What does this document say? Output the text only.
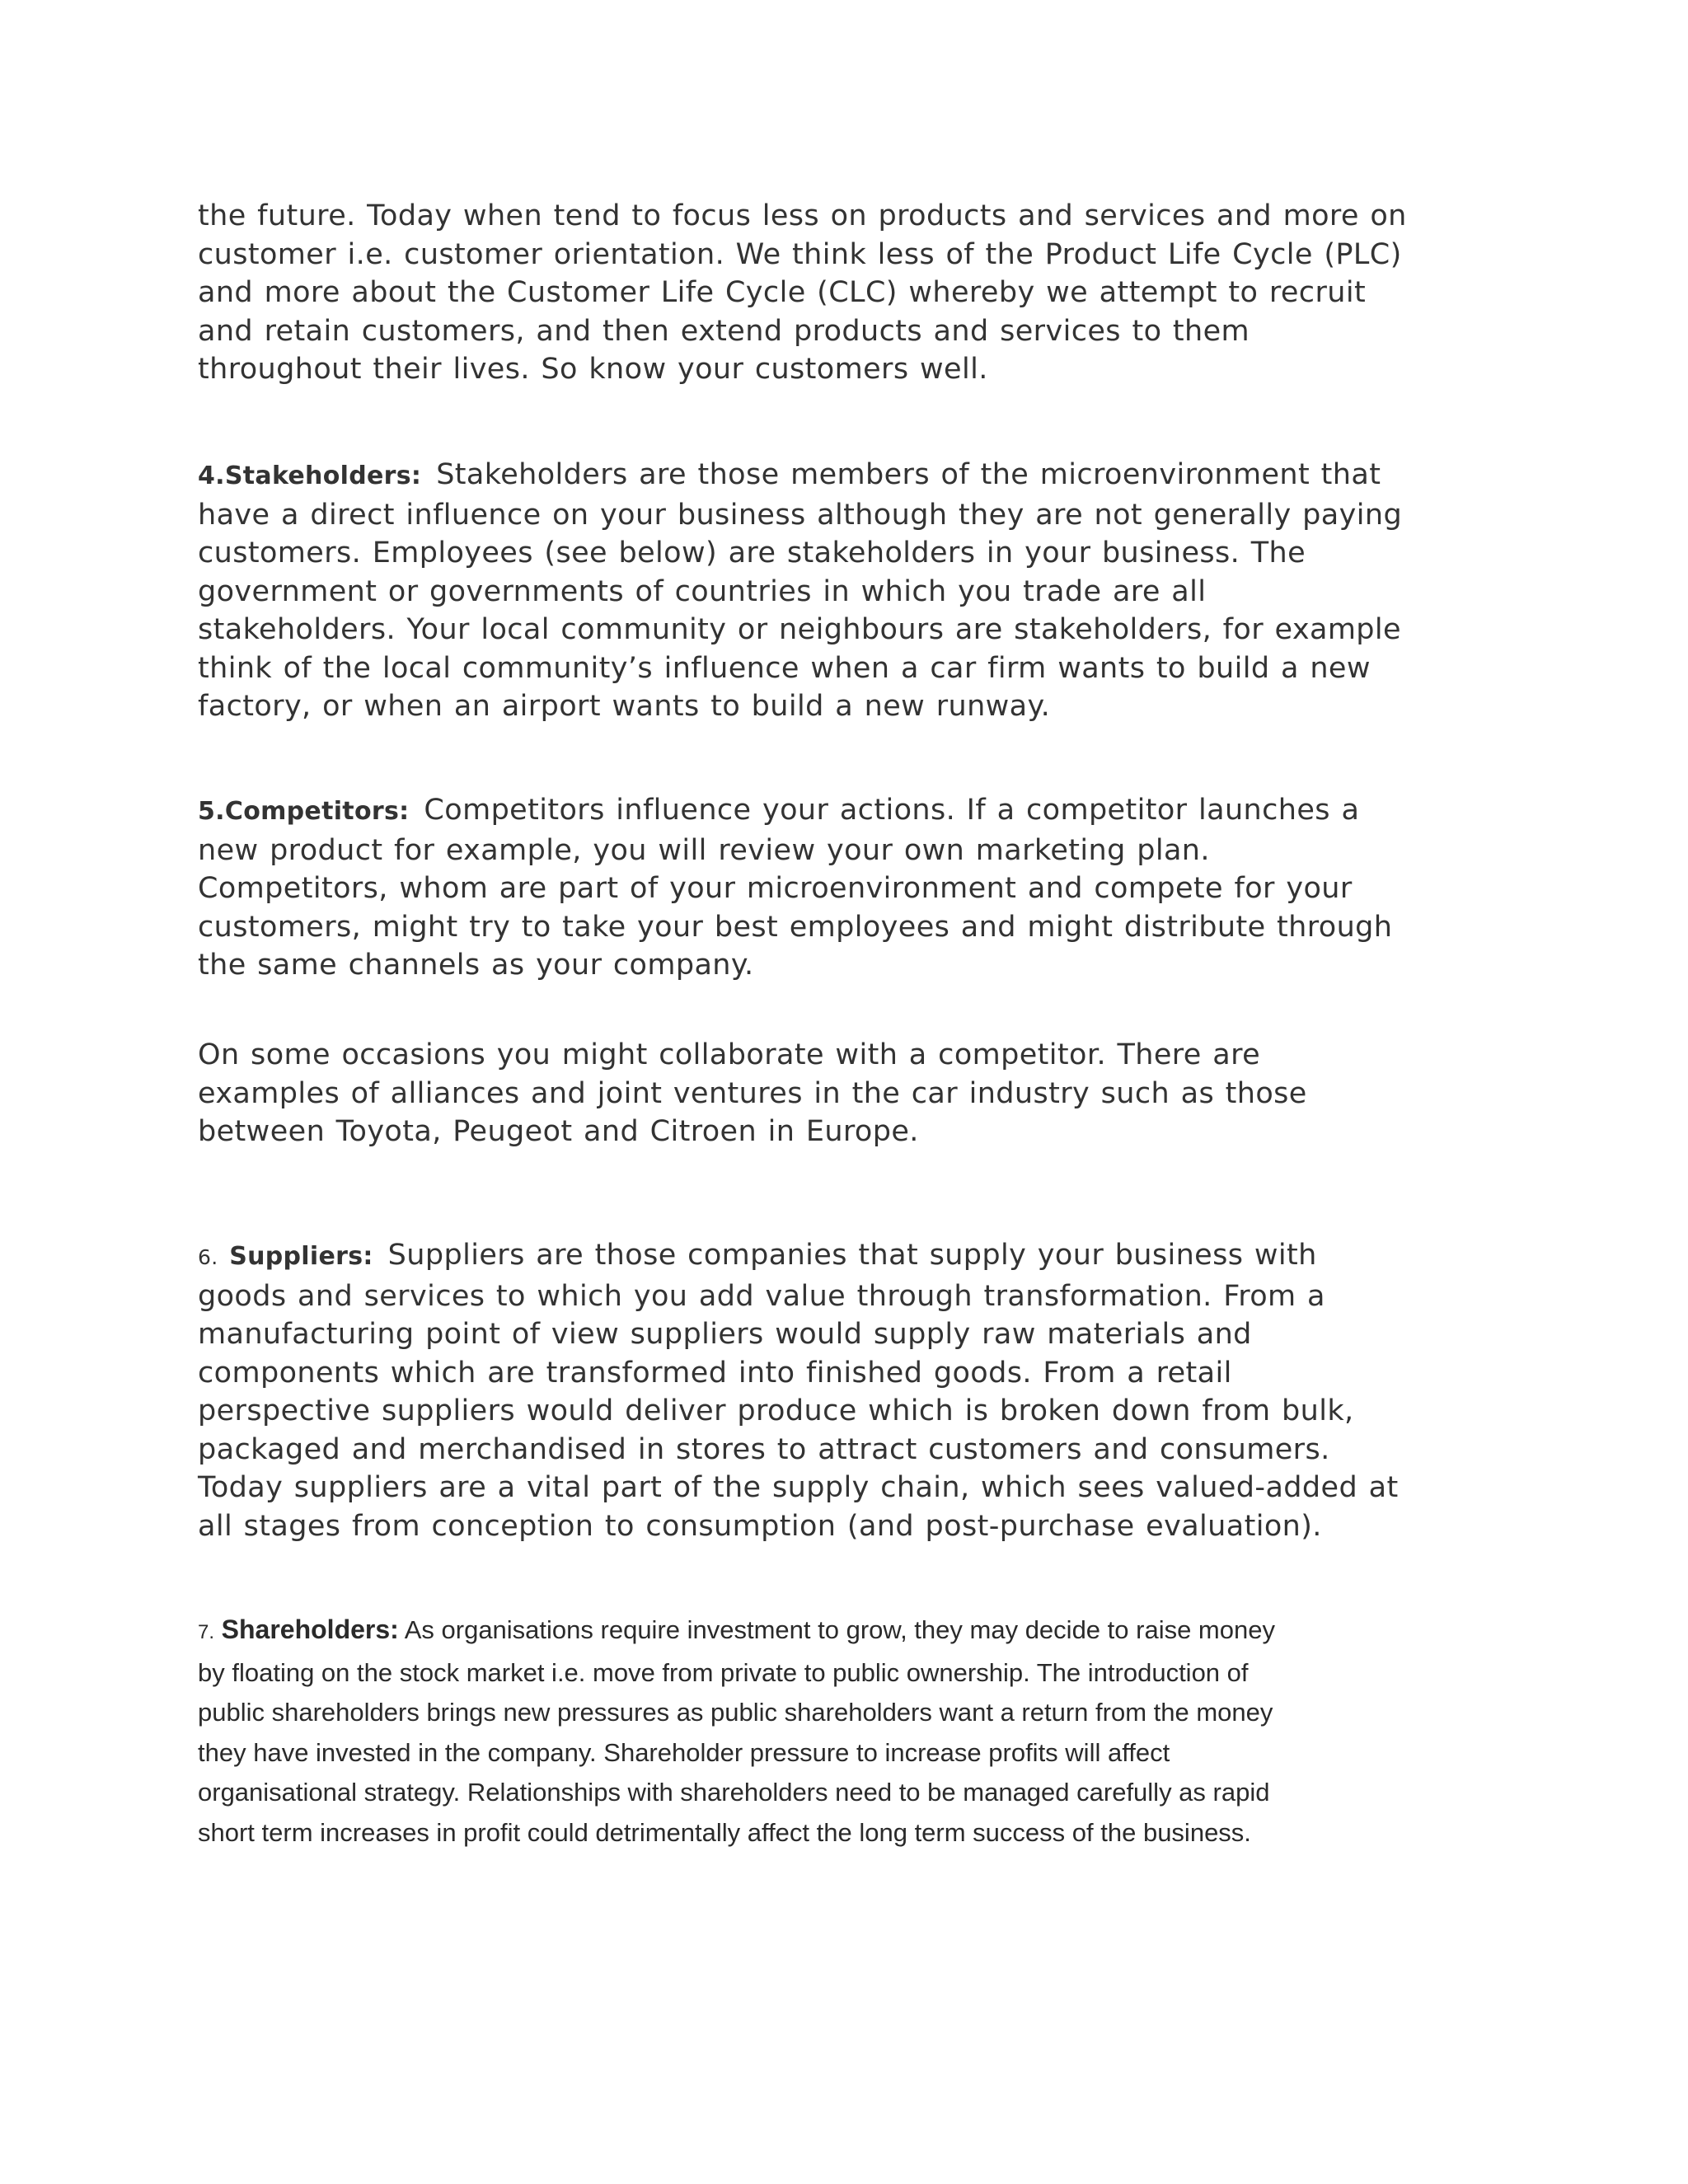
the future. Today when tend to focus less on products and services and more on
customer i.e. customer orientation. We think less of the Product Life Cycle (PLC)
and more about the Customer Life Cycle (CLC) whereby we attempt to recruit
and retain customers, and then extend products and services to them
throughout their lives. So know your customers well.
4.Stakeholders: Stakeholders are those members of the microenvironment that
have a direct influence on your business although they are not generally paying
customers. Employees (see below) are stakeholders in your business. The
government or governments of countries in which you trade are all
stakeholders. Your local community or neighbours are stakeholders, for example
think of the local community’s influence when a car firm wants to build a new
factory, or when an airport wants to build a new runway.
5.Competitors: Competitors influence your actions. If a competitor launches a
new product for example, you will review your own marketing plan.
Competitors, whom are part of your microenvironment and compete for your
customers, might try to take your best employees and might distribute through
the same channels as your company.
On some occasions you might collaborate with a competitor. There are
examples of alliances and joint ventures in the car industry such as those
between Toyota, Peugeot and Citroen in Europe.
6. Suppliers: Suppliers are those companies that supply your business with
goods and services to which you add value through transformation. From a
manufacturing point of view suppliers would supply raw materials and
components which are transformed into finished goods. From a retail
perspective suppliers would deliver produce which is broken down from bulk,
packaged and merchandised in stores to attract customers and consumers.
Today suppliers are a vital part of the supply chain, which sees valued-added at
all stages from conception to consumption (and post-purchase evaluation).
7. Shareholders: As organisations require investment to grow, they may decide to raise money
by floating on the stock market i.e. move from private to public ownership. The introduction of
public shareholders brings new pressures as public shareholders want a return from the money
they have invested in the company. Shareholder pressure to increase profits will affect
organisational strategy. Relationships with shareholders need to be managed carefully as rapid
short term increases in profit could detrimentally affect the long term success of the business.
